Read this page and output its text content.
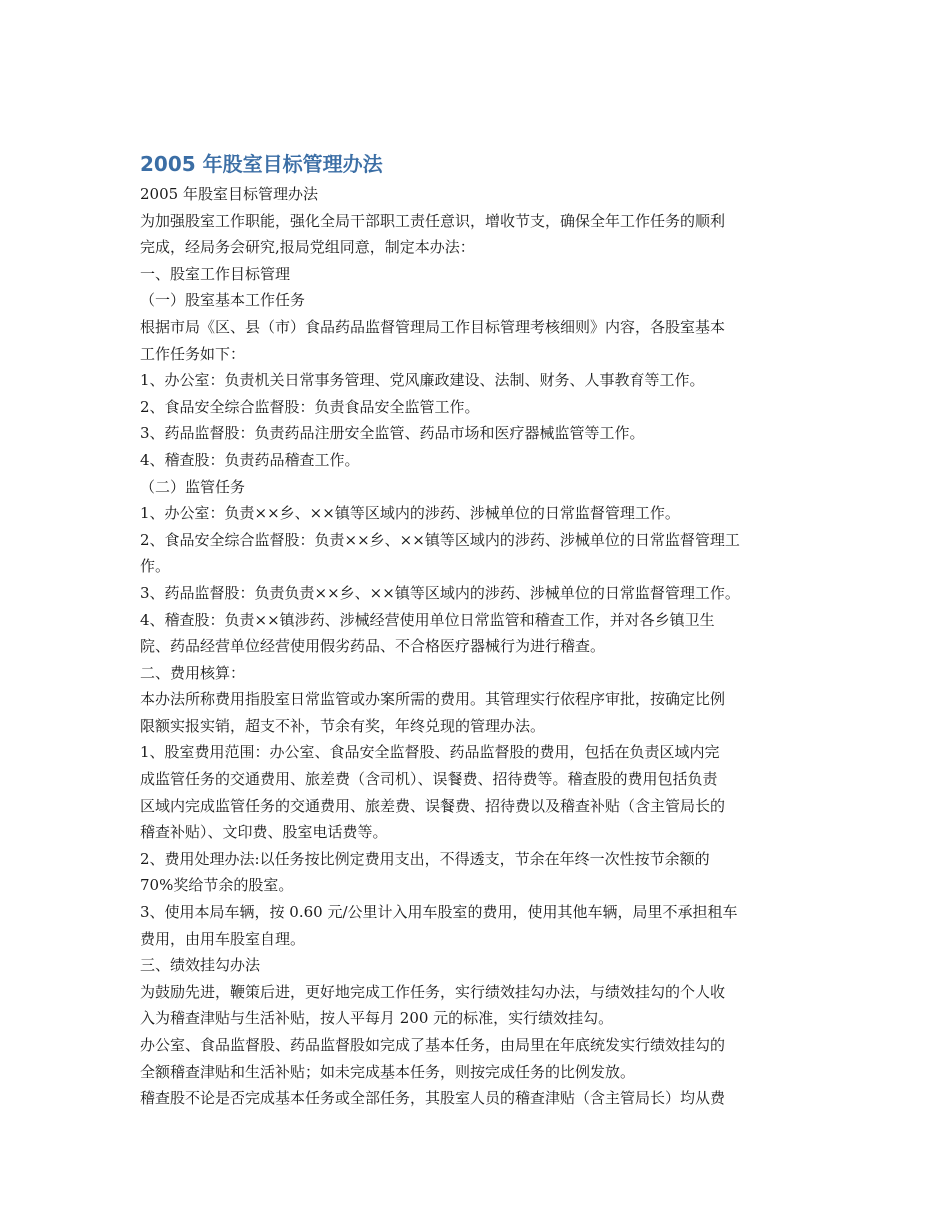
2005 年股室目标管理办法

2005 年股室目标管理办法

为加强股室工作职能，强化全局干部职工责任意识，增收节支，确保全年工作任务的顺利

完成，经局务会研究,报局党组同意，制定本办法：

一、股室工作目标管理

（一）股室基本工作任务

根据市局《区、县（市）食品药品监督管理局工作目标管理考核细则》内容，各股室基本

工作任务如下：

1、办公室：负责机关日常事务管理、党风廉政建设、法制、财务、人事教育等工作。

2、食品安全综合监督股：负责食品安全监管工作。

3、药品监督股：负责药品注册安全监管、药品市场和医疗器械监管等工作。

4、稽查股：负责药品稽查工作。

（二）监管任务

1、办公室：负责××乡、××镇等区域内的涉药、涉械单位的日常监督管理工作。

2、食品安全综合监督股：负责××乡、××镇等区域内的涉药、涉械单位的日常监督管理工

作。

3、药品监督股：负责负责××乡、××镇等区域内的涉药、涉械单位的日常监督管理工作。

4、稽查股：负责××镇涉药、涉械经营使用单位日常监管和稽查工作，并对各乡镇卫生

院、药品经营单位经营使用假劣药品、不合格医疗器械行为进行稽查。

二、费用核算：

本办法所称费用指股室日常监管或办案所需的费用。其管理实行依程序审批，按确定比例

限额实报实销，超支不补，节余有奖，年终兑现的管理办法。

1、股室费用范围：办公室、食品安全监督股、药品监督股的费用，包括在负责区域内完

成监管任务的交通费用、旅差费（含司机）、误餐费、招待费等。稽查股的费用包括负责

区域内完成监管任务的交通费用、旅差费、误餐费、招待费以及稽查补贴（含主管局长的

稽查补贴）、文印费、股室电话费等。

2、费用处理办法:以任务按比例定费用支出，不得透支，节余在年终一次性按节余额的

70%奖给节余的股室。

3、使用本局车辆，按 0.60 元/公里计入用车股室的费用，使用其他车辆，局里不承担租车

费用，由用车股室自理。

三、绩效挂勾办法

为鼓励先进，鞭策后进，更好地完成工作任务，实行绩效挂勾办法，与绩效挂勾的个人收

入为稽查津贴与生活补贴，按人平每月 200 元的标准，实行绩效挂勾。

办公室、食品监督股、药品监督股如完成了基本任务，由局里在年底统发实行绩效挂勾的

全额稽查津贴和生活补贴；如未完成基本任务，则按完成任务的比例发放。

稽查股不论是否完成基本任务或全部任务，其股室人员的稽查津贴（含主管局长）均从费
